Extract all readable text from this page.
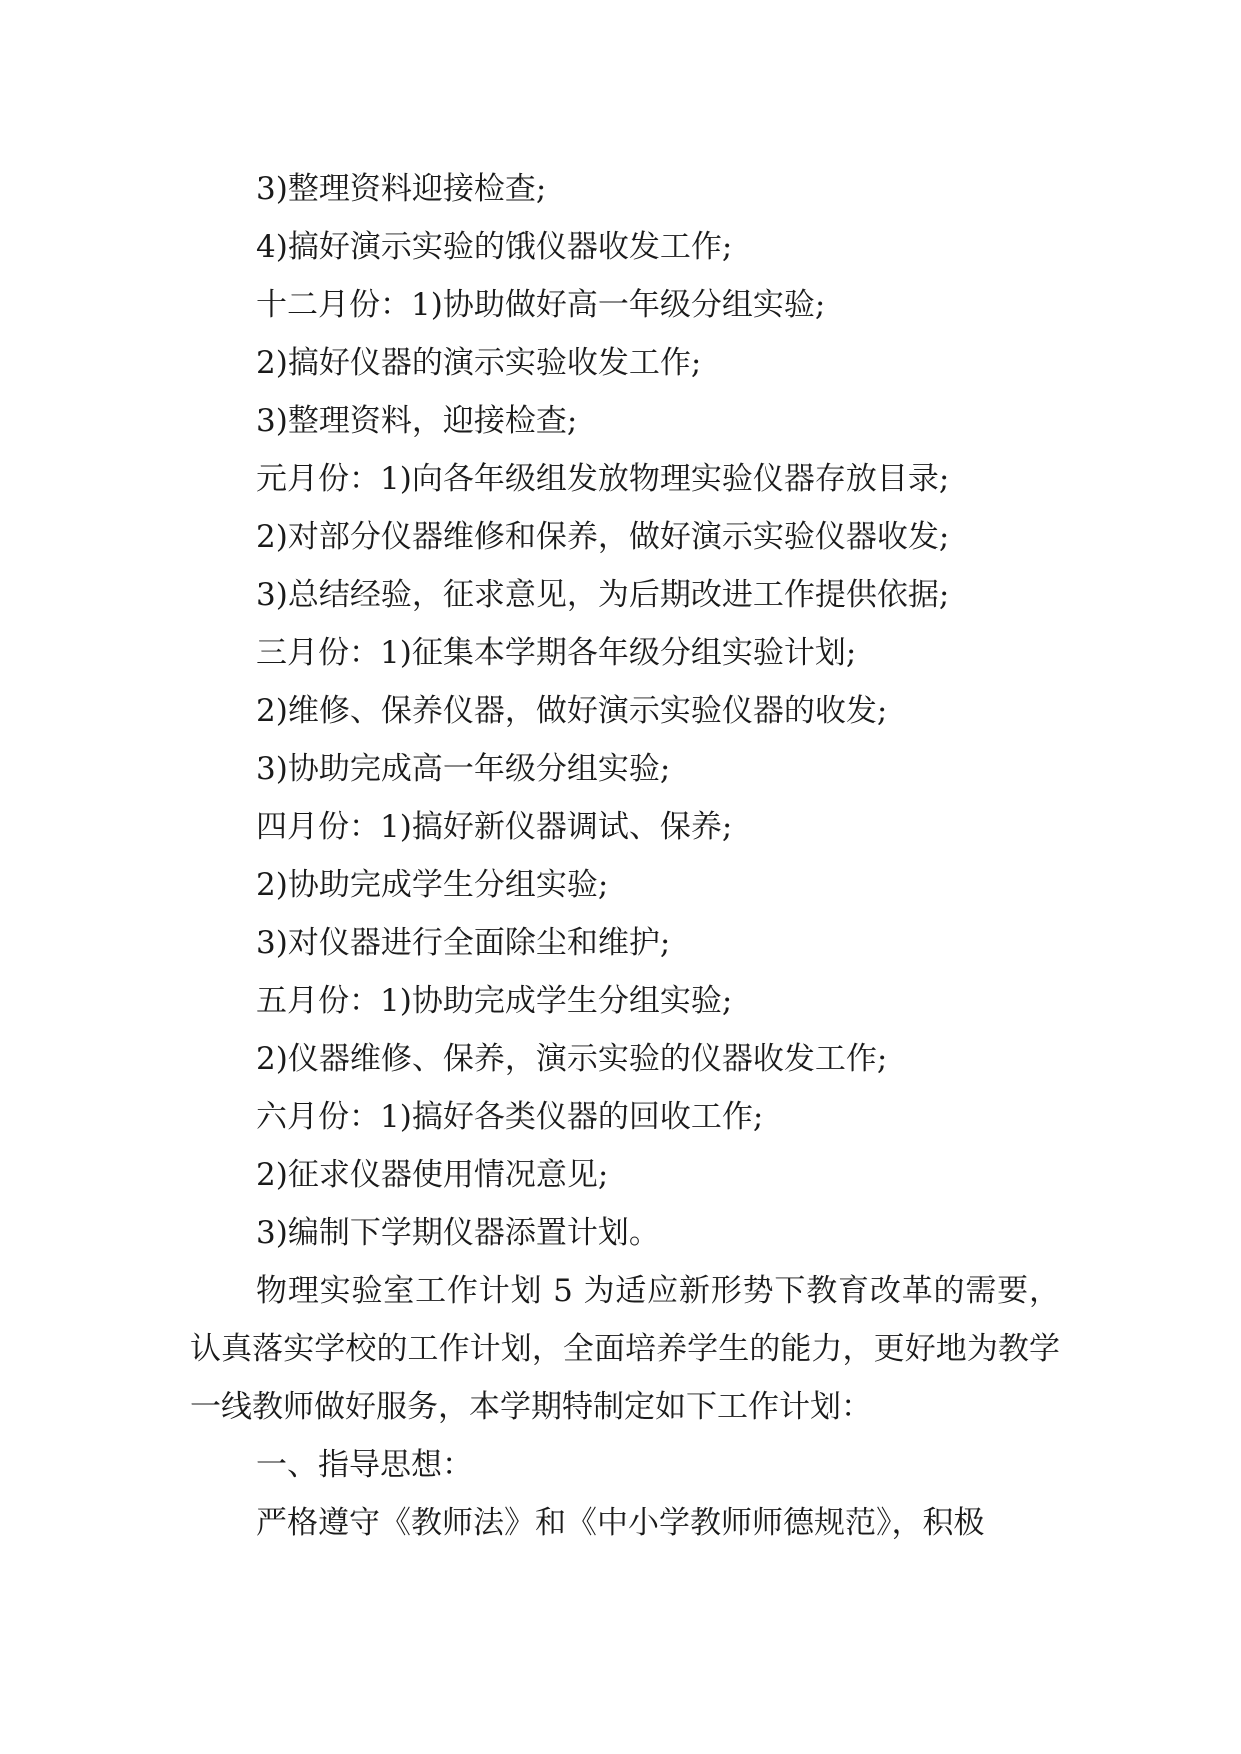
3)整理资料迎接检查;
4)搞好演示实验的饿仪器收发工作;
十二月份：1)协助做好高一年级分组实验;
2)搞好仪器的演示实验收发工作;
3)整理资料，迎接检查;
元月份：1)向各年级组发放物理实验仪器存放目录;
2)对部分仪器维修和保养，做好演示实验仪器收发;
3)总结经验，征求意见，为后期改进工作提供依据;
三月份：1)征集本学期各年级分组实验计划;
2)维修、保养仪器，做好演示实验仪器的收发;
3)协助完成高一年级分组实验;
四月份：1)搞好新仪器调试、保养;
2)协助完成学生分组实验;
3)对仪器进行全面除尘和维护;
五月份：1)协助完成学生分组实验;
2)仪器维修、保养，演示实验的仪器收发工作;
六月份：1)搞好各类仪器的回收工作;
2)征求仪器使用情况意见;
3)编制下学期仪器添置计划。

物理实验室工作计划 5 为适应新形势下教育改革的需要，认真落实学校的工作计划，全面培养学生的能力，更好地为教学一线教师做好服务，本学期特制定如下工作计划：

一、指导思想：
严格遵守《教师法》和《中小学教师师德规范》，积极
